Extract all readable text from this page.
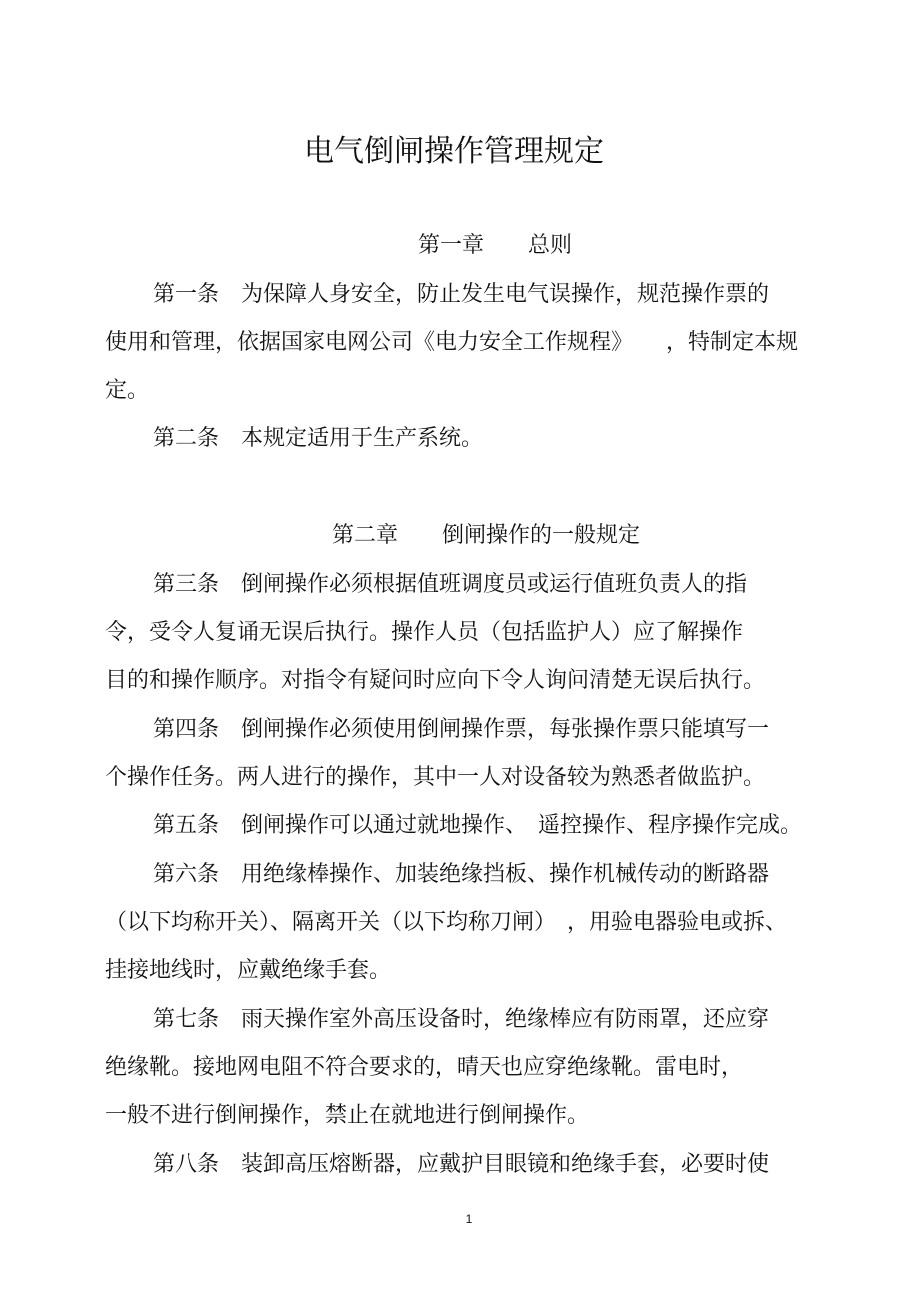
电气倒闸操作管理规定
第一章　　总则
第一条　为保障人身安全，防止发生电气误操作，规范操作票的
使用和管理，依据国家电网公司《电力安全工作规程》　　，特制定本规
定。
第二条　本规定适用于生产系统。
第二章　　倒闸操作的一般规定
第三条　倒闸操作必须根据值班调度员或运行值班负责人的指
令，受令人复诵无误后执行。操作人员（包括监护人）应了解操作
目的和操作顺序。对指令有疑问时应向下令人询问清楚无误后执行。
第四条　倒闸操作必须使用倒闸操作票，每张操作票只能填写一
个操作任务。两人进行的操作，其中一人对设备较为熟悉者做监护。
第五条　倒闸操作可以通过就地操作、　遥控操作、程序操作完成。
第六条　用绝缘棒操作、加装绝缘挡板、操作机械传动的断路器
（以下均称开关）、隔离开关（以下均称刀闸）　，用验电器验电或拆、
挂接地线时，应戴绝缘手套。
第七条　雨天操作室外高压设备时，绝缘棒应有防雨罩，还应穿
绝缘靴。接地网电阻不符合要求的，晴天也应穿绝缘靴。雷电时，
一般不进行倒闸操作，禁止在就地进行倒闸操作。
第八条　装卸高压熔断器，应戴护目眼镜和绝缘手套，必要时使
1
